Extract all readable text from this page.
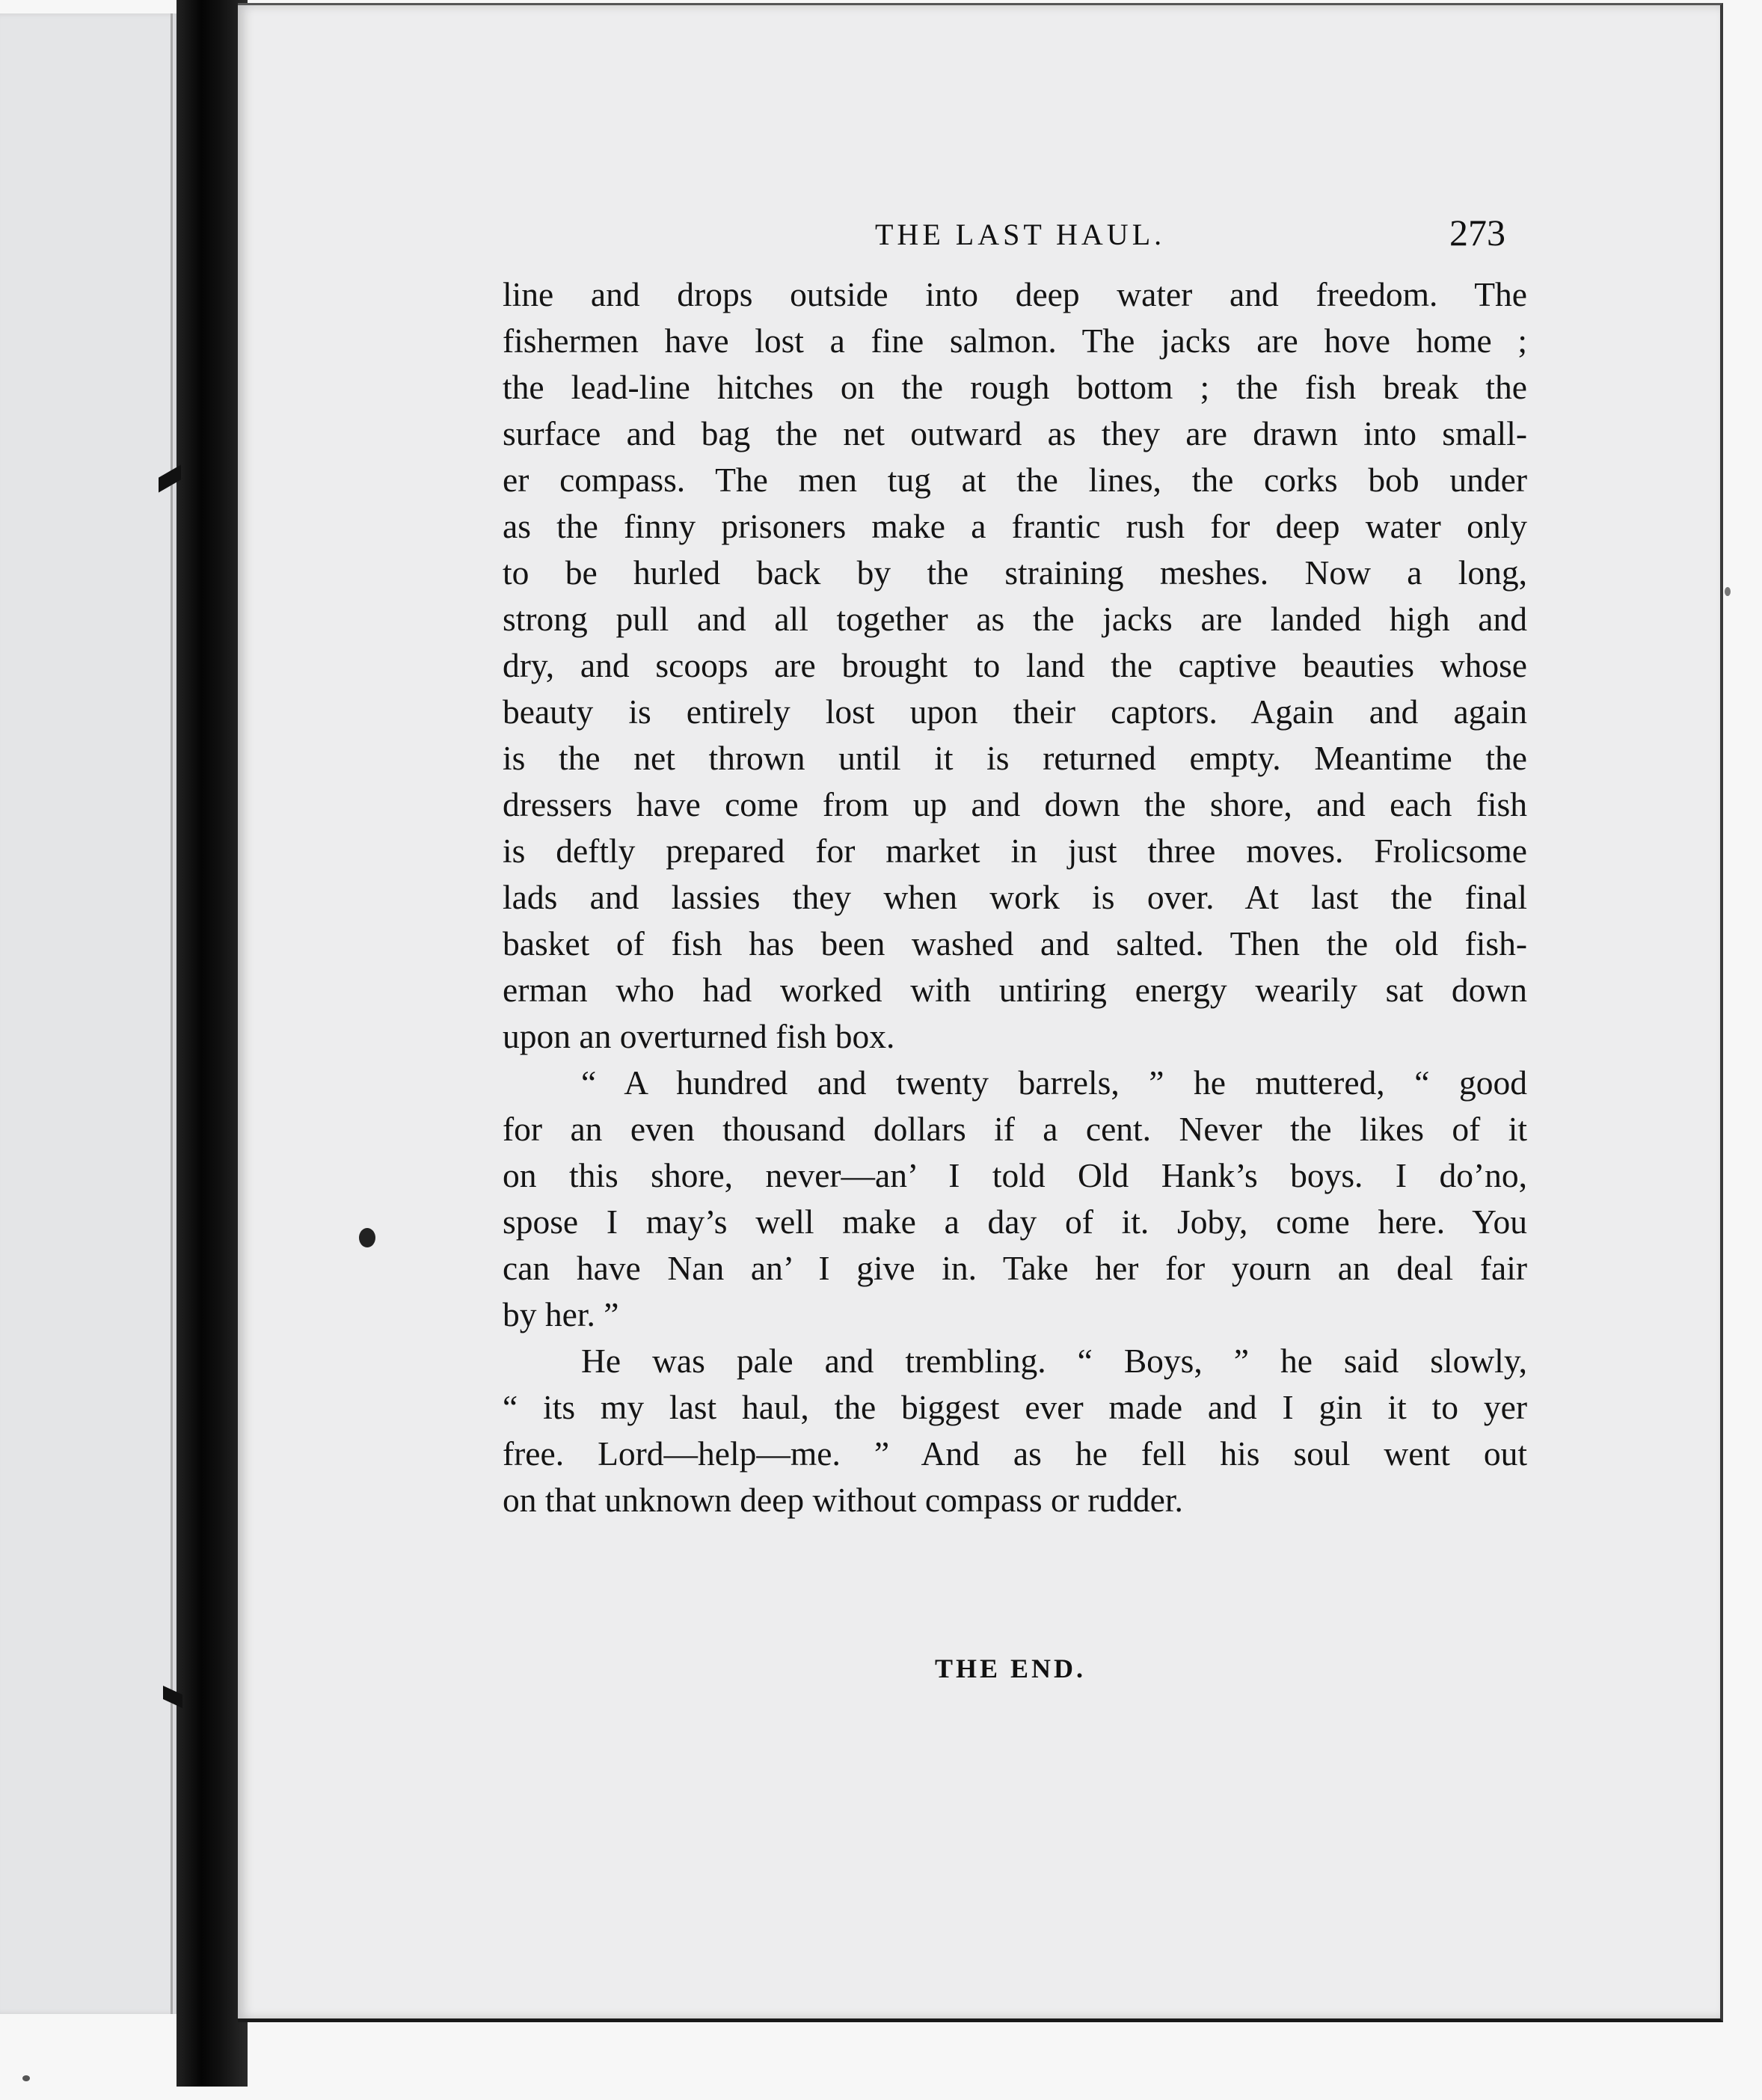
THE LAST HAUL.	273

line and drops outside into deep water and freedom. The
fishermen have lost a fine salmon. The jacks are hove home ;
the lead-line hitches on the rough bottom ; the fish break the
surface and bag the net outward as they are drawn into small-
er compass. The men tug at the lines, the corks bob under
as the finny prisoners make a frantic rush for deep water only
to be hurled back by the straining meshes. Now a long,
strong pull and all together as the jacks are landed high and
dry, and scoops are brought to land the captive beauties whose
beauty is entirely lost upon their captors. Again and again
is the net thrown until it is returned empty. Meantime the
dressers have come from up and down the shore, and each fish
is deftly prepared for market in just three moves. Frolicsome
lads and lassies they when work is over. At last the final
basket of fish has been washed and salted. Then the old fish-
erman who had worked with untiring energy wearily sat down
upon an overturned fish box.

“ A hundred and twenty barrels, ” he muttered, “ good
for an even thousand dollars if a cent. Never the likes of it
on this shore, never—an’ I told Old Hank’s boys. I do’no,
spose I may’s well make a day of it. Joby, come here. You
can have Nan an’ I give in. Take her for yourn an deal fair
by her. ”

He was pale and trembling. “ Boys, ” he said slowly,
“ its my last haul, the biggest ever made and I gin it to yer
free. Lord—help—me. ” And as he fell his soul went out
on that unknown deep without compass or rudder.

THE END.
